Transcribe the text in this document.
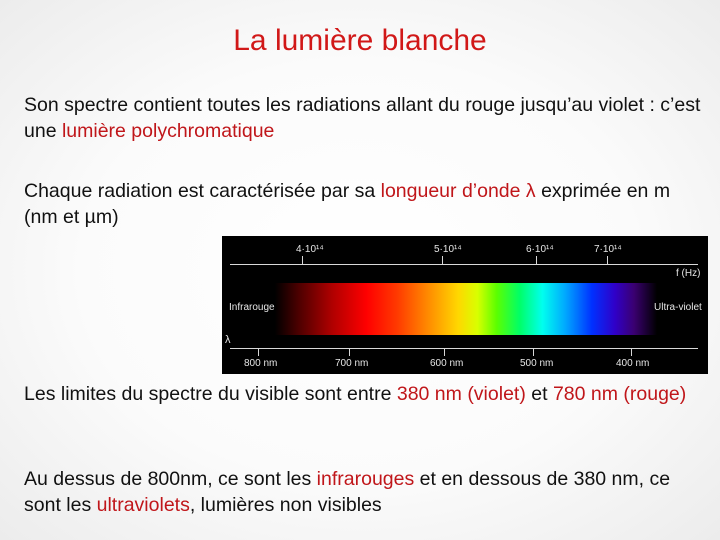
La lumière blanche
Son spectre contient toutes les radiations allant du rouge jusqu’au violet : c’est une lumière polychromatique
Chaque radiation est caractérisée par sa longueur d’onde λ exprimée en m (nm et µm)
4·10¹⁴	5·10¹⁴	6·10¹⁴	7·10¹⁴
f (Hz)
Infrarouge	Ultra-violet
λ
800 nm	700 nm	600 nm	500 nm	400 nm
Les limites du spectre du visible sont entre 380 nm (violet) et 780 nm (rouge)
Au dessus de 800nm, ce sont les infrarouges et en dessous de 380 nm, ce sont les ultraviolets, lumières non visibles
